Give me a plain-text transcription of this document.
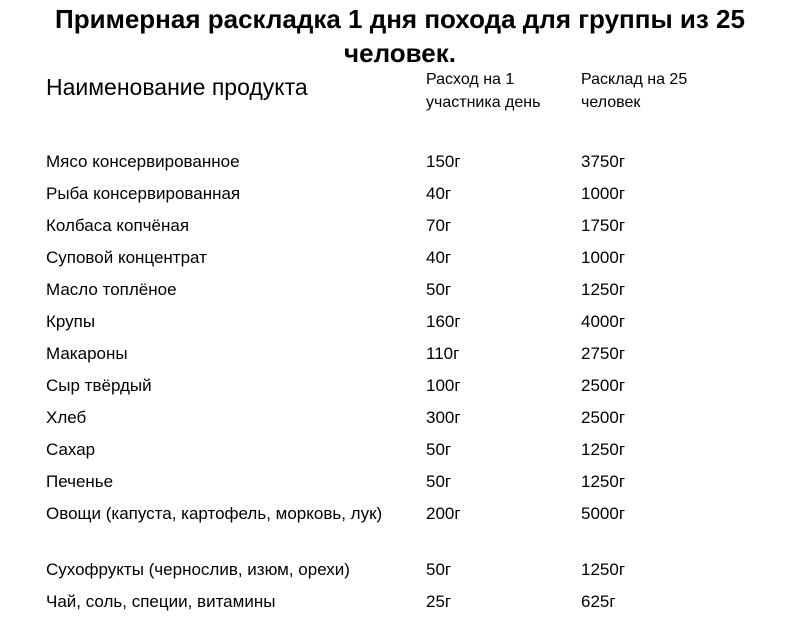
Примерная раскладка 1 дня похода для группы из 25 человек.
Наименование продукта	Расход на 1 участника день	Расклад на 25 человек
Мясо консервированное	150г	3750г
Рыба консервированная	40г	1000г
Колбаса копчёная	70г	1750г
Суповой концентрат	40г	1000г
Масло топлёное	50г	1250г
Крупы	160г	4000г
Макароны	110г	2750г
Сыр твёрдый	100г	2500г
Хлеб	300г	2500г
Сахар	50г	1250г
Печенье	50г	1250г
Овощи (капуста, картофель, морковь, лук)	200г	5000г
Сухофрукты (чернослив, изюм, орехи)	50г	1250г
Чай, соль, специи, витамины	25г	625г
